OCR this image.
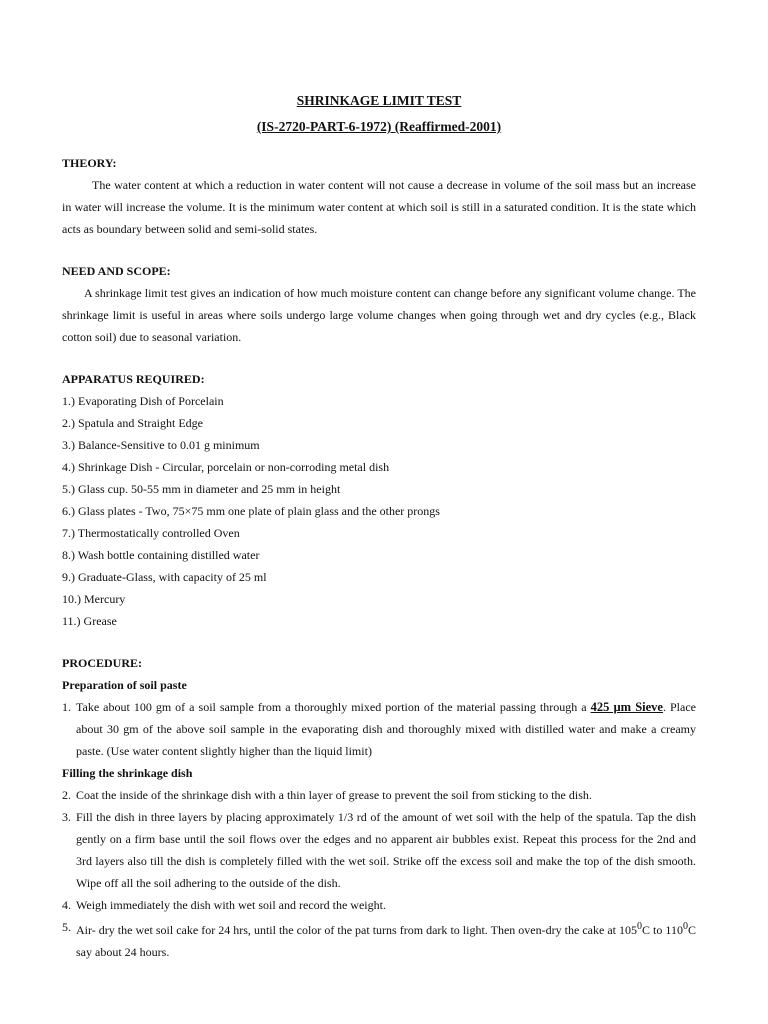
SHRINKAGE LIMIT TEST
(IS-2720-PART-6-1972) (Reaffirmed-2001)

THEORY:

The water content at which a reduction in water content will not cause a decrease in volume of the soil mass but an increase in water will increase the volume. It is the minimum water content at which soil is still in a saturated condition. It is the state which acts as boundary between solid and semi-solid states.

NEED AND SCOPE:

A shrinkage limit test gives an indication of how much moisture content can change before any significant volume change. The shrinkage limit is useful in areas where soils undergo large volume changes when going through wet and dry cycles (e.g., Black cotton soil) due to seasonal variation.

APPARATUS REQUIRED:

1.) Evaporating Dish of Porcelain
2.) Spatula and Straight Edge
3.) Balance-Sensitive to 0.01 g minimum
4.) Shrinkage Dish - Circular, porcelain or non-corroding metal dish
5.) Glass cup. 50-55 mm in diameter and 25 mm in height
6.) Glass plates - Two, 75×75 mm one plate of plain glass and the other prongs
7.) Thermostatically controlled Oven
8.) Wash bottle containing distilled water
9.) Graduate-Glass, with capacity of 25 ml
10.) Mercury
11.) Grease

PROCEDURE:

Preparation of soil paste

1. Take about 100 gm of a soil sample from a thoroughly mixed portion of the material passing through a 425 µm Sieve. Place about 30 gm of the above soil sample in the evaporating dish and thoroughly mixed with distilled water and make a creamy paste. (Use water content slightly higher than the liquid limit)

Filling the shrinkage dish

2. Coat the inside of the shrinkage dish with a thin layer of grease to prevent the soil from sticking to the dish.
3. Fill the dish in three layers by placing approximately 1/3 rd of the amount of wet soil with the help of the spatula. Tap the dish gently on a firm base until the soil flows over the edges and no apparent air bubbles exist. Repeat this process for the 2nd and 3rd layers also till the dish is completely filled with the wet soil. Strike off the excess soil and make the top of the dish smooth. Wipe off all the soil adhering to the outside of the dish.
4. Weigh immediately the dish with wet soil and record the weight.
5. Air- dry the wet soil cake for 24 hrs, until the color of the pat turns from dark to light. Then oven-dry the cake at $105^0C$ to $110^0C$ say about 24 hours.
